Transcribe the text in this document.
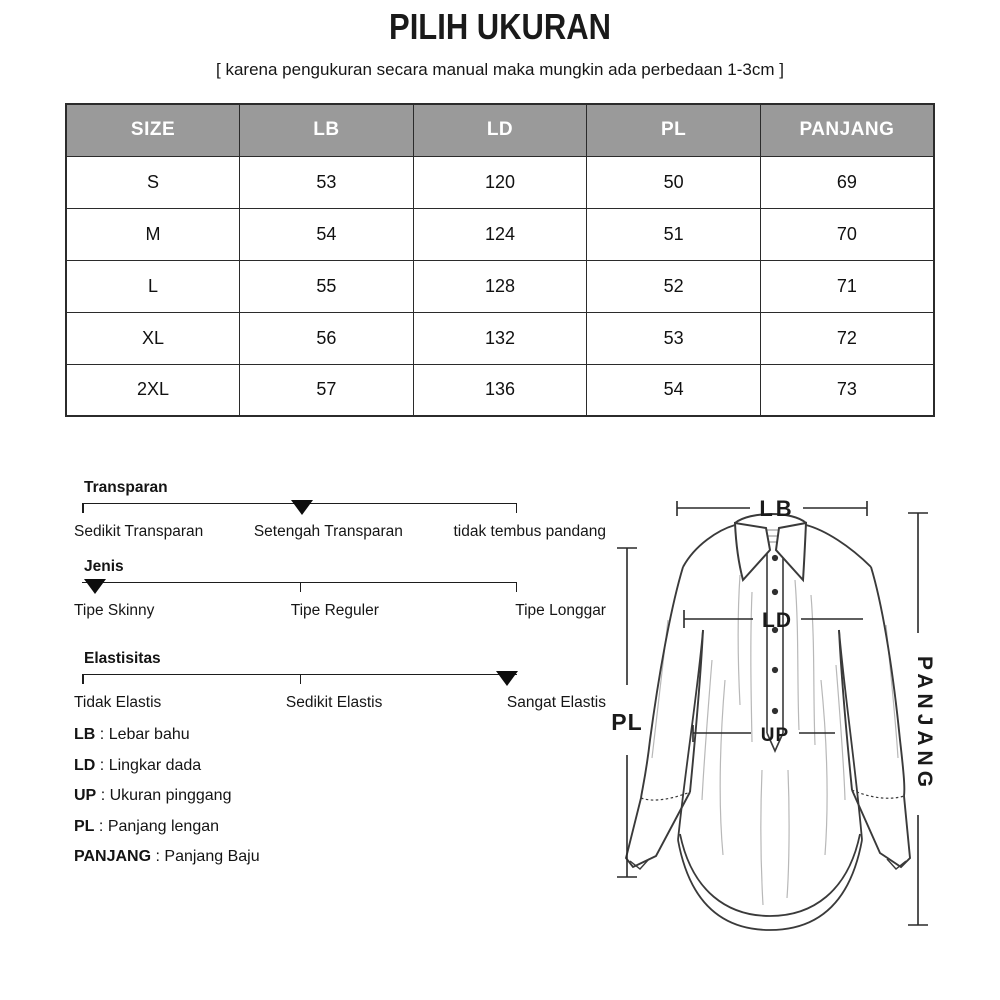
PILIH UKURAN
[ karena pengukuran secara manual maka mungkin ada perbedaan 1-3cm ]
SIZE	LB	LD	PL	PANJANG
S	53	120	50	69
M	54	124	51	70
L	55	128	52	71
XL	56	132	53	72
2XL	57	136	54	73
Transparan
Sedikit Transparan	Setengah Transparan	tidak tembus pandang
Jenis
Tipe Skinny	Tipe Reguler	Tipe Longgar
Elastisitas
Tidak Elastis	Sedikit Elastis	Sangat Elastis
LB : Lebar bahu
LD : Lingkar dada
UP : Ukuran pinggang
PL : Panjang lengan
PANJANG : Panjang Baju
LB
LD
UP
PL	PANJANG
